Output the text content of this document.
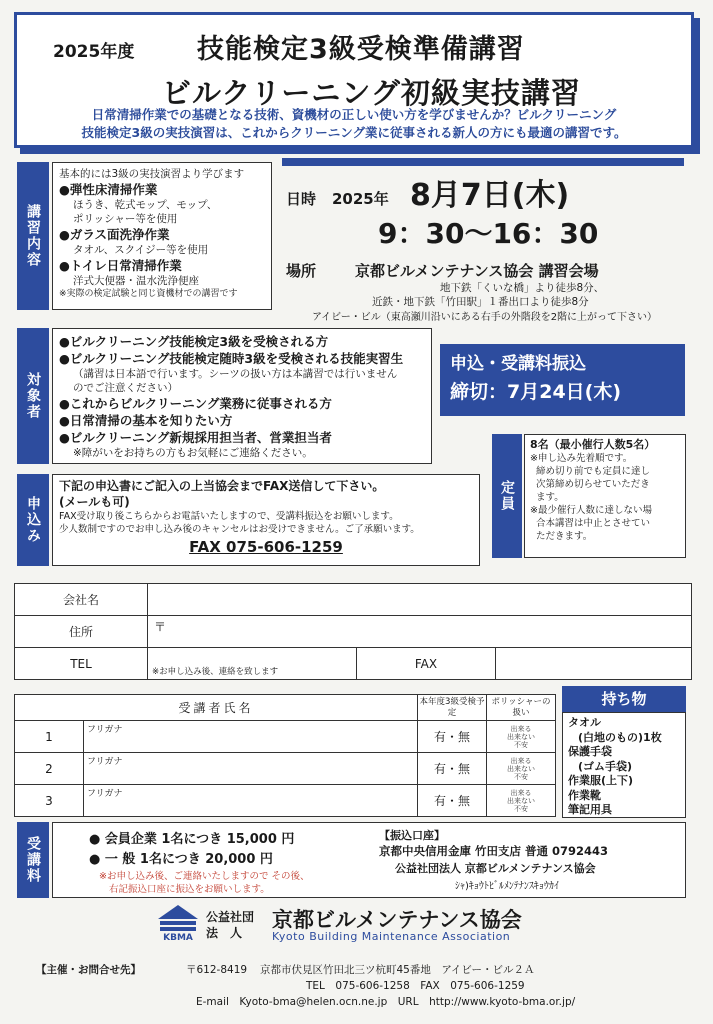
2025年度 技能検定3級受検準備講習
ビルクリーニング初級実技講習
日常清掃作業での基礎となる技術、資機材の正しい使い方を学びませんか？ビルクリーニング
技能検定3級の実技演習は、これからクリーニング業に従事される新人の方にも最適の講習です。
講習内容
基本的には3級の実技演習より学びます
●弾性床清掃作業
ほうき、乾式モップ、モップ、
ポリッシャー等を使用
●ガラス面洗浄作業
タオル、スクイジー等を使用
●トイレ日常清掃作業
洋式大便器・温水洗浄便座
※実際の検定試験と同じ資機材での講習です
日時 2025年 8月7日(木)
9：30〜16：30
場所	京都ビルメンテナンス協会 講習会場
地下鉄「くいな橋」より徒歩8分、
近鉄・地下鉄「竹田駅」１番出口より徒歩8分
アイビー・ビル（東高瀬川沿いにある右手の外階段を2階に上がって下さい）
対象者
●ビルクリーニング技能検定3級を受検される方
●ビルクリーニング技能検定随時3級を受検される技能実習生
（講習は日本語で行います。シーツの扱い方は本講習では行いません
のでご注意ください）
●これからビルクリーニング業務に従事される方
●日常清掃の基本を知りたい方
●ビルクリーニング新規採用担当者、営業担当者
※障がいをお持ちの方もお気軽にご連絡ください。
申込・受講料振込
締切：7月24日(木)
定員
8名（最小催行人数5名）
※申し込み先着順です。
締め切り前でも定員に達し
次第締め切らせていただき
ます。
※最少催行人数に達しない場
合本講習は中止とさせてい
ただきます。
申込み
下記の申込書にご記入の上当協会までFAX送信して下さい。
(メールも可)
FAX受け取り後こちらからお電話いたしますので、受講料振込をお願いします。
少人数制ですのでお申し込み後のキャンセルはお受けできません。ご了承願います。
FAX 075-606-1259
会社名			
住所	〒		
TEL	※お申し込み後、連絡を致します	FAX	
受講者氏名		本年度3級受検予定	ポリッシャーの扱い
1	フリガナ	有・無	出来る
出来ない
不安

2	フリガナ	有・無	出来る
出来ない
不安

3	フリガナ	有・無	出来る
出来ない
不安
持ち物
タオル
(白地のもの)1枚
保護手袋
(ゴム手袋)
作業服(上下)
作業靴
筆記用具
受講料	● 会員企業 1名につき 15,000 円
● 一 般 1名につき 20,000 円
※お申し込み後、ご連絡いたしますので その後、
右記振込口座に振込をお願いします。
【振込口座】
京都中央信用金庫 竹田支店 普通 0792443
公益社団法人 京都ビルメンテナンス協会
ｼｬ)ｷｮｳﾄﾋﾞﾙﾒﾝﾃﾅﾝｽｷｮｳｶｲ
KBMA
公益社団
法　人
京都ビルメンテナンス協会
Kyoto Building Maintenance Association
【主催・お問合せ先】	〒612-8419 京都市伏見区竹田北三ツ杭町45番地　アイビー・ビル２Ａ
TEL　075-606-1258　FAX　075-606-1259
E-mail　Kyoto-bma@helen.ocn.ne.jp　URL　http://www.kyoto-bma.or.jp/
